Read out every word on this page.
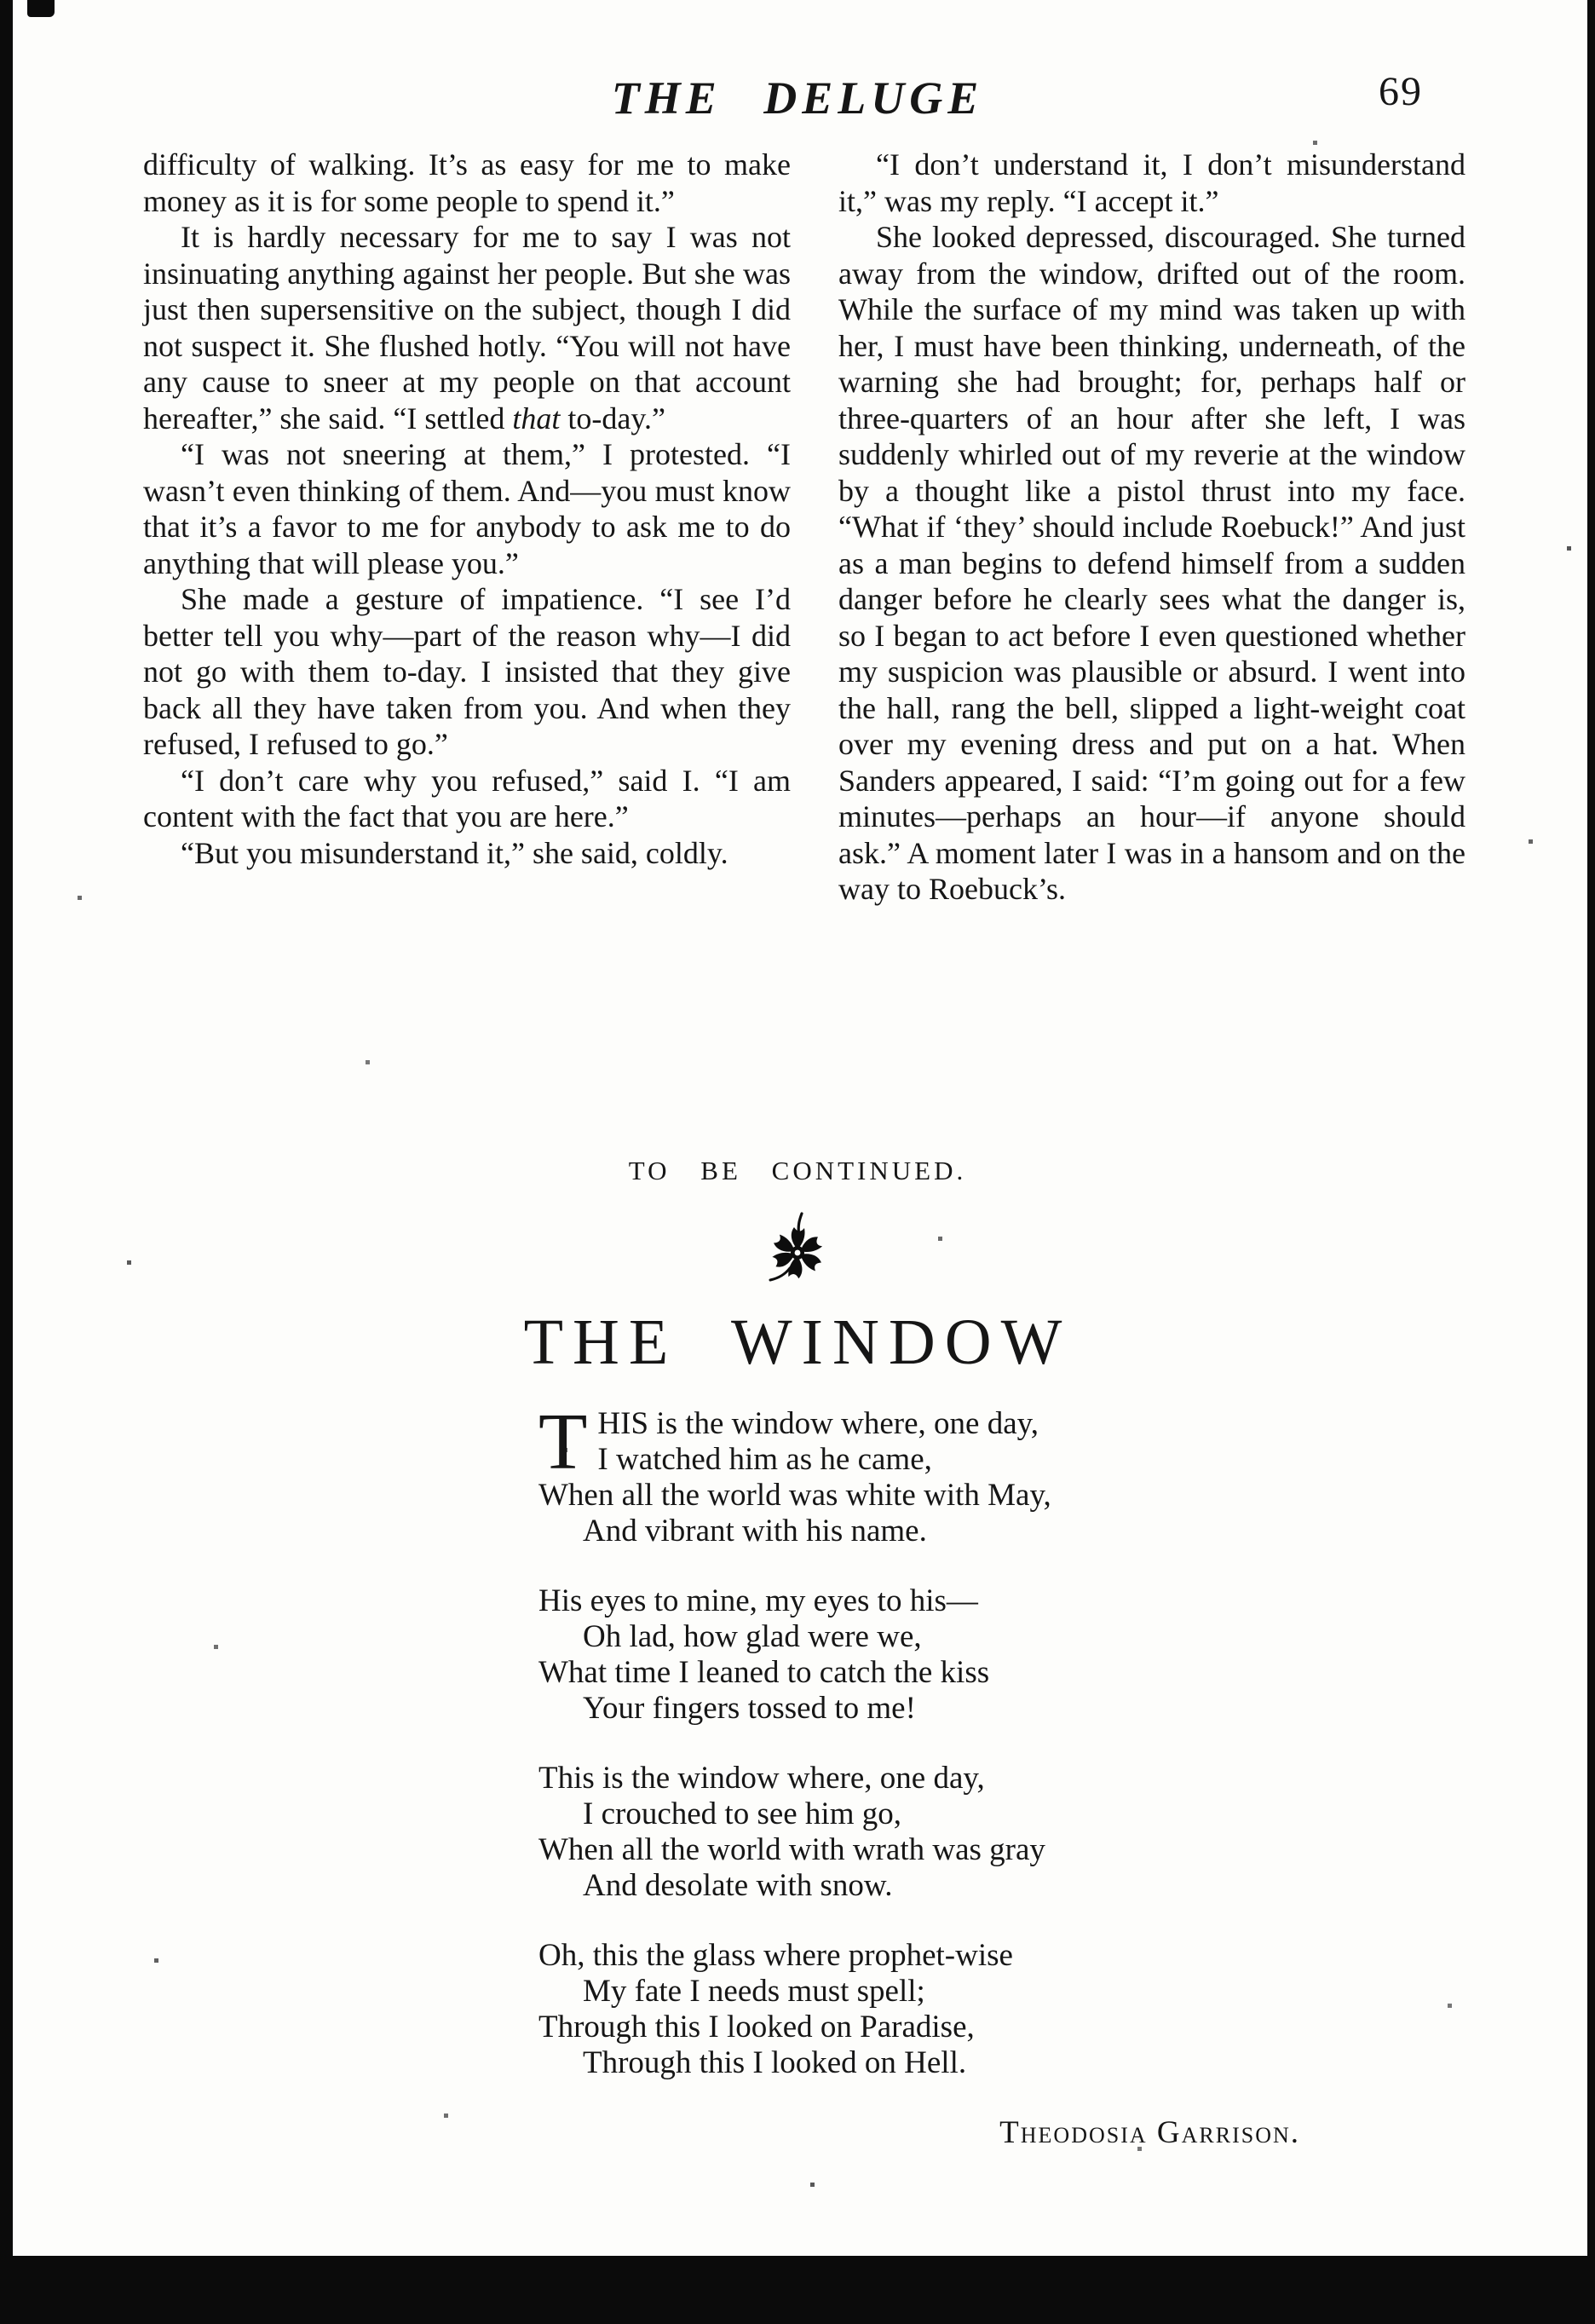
THE DELUGE	69

difficulty of walking. It’s as easy for me to make money as it is for some people to spend it.”

It is hardly necessary for me to say I was not insinuating anything against her people. But she was just then supersensitive on the subject, though I did not suspect it. She flushed hotly. “You will not have any cause to sneer at my people on that account hereafter,” she said. “I settled that to-day.”

“I was not sneering at them,” I protested. “I wasn’t even thinking of them. And—you must know that it’s a favor to me for anybody to ask me to do anything that will please you.”

She made a gesture of impatience. “I see I’d better tell you why—part of the reason why—I did not go with them to-day. I insisted that they give back all they have taken from you. And when they refused, I refused to go.”

“I don’t care why you refused,” said I. “I am content with the fact that you are here.”

“But you misunderstand it,” she said, coldly.

“I don’t understand it, I don’t misunderstand it,” was my reply. “I accept it.”

She looked depressed, discouraged. She turned away from the window, drifted out of the room. While the surface of my mind was taken up with her, I must have been thinking, underneath, of the warning she had brought; for, perhaps half or three-quarters of an hour after she left, I was suddenly whirled out of my reverie at the window by a thought like a pistol thrust into my face. “What if ‘they’ should include Roebuck!” And just as a man begins to defend himself from a sudden danger before he clearly sees what the danger is, so I began to act before I even questioned whether my suspicion was plausible or absurd. I went into the hall, rang the bell, slipped a light-weight coat over my evening dress and put on a hat. When Sanders appeared, I said: “I’m going out for a few minutes—perhaps an hour—if anyone should ask.” A moment later I was in a hansom and on the way to Roebuck’s.

TO BE CONTINUED.
THE WINDOW
T HIS is the window where, one day,
I watched him as he came,
When all the world was white with May,
And vibrant with his name.
His eyes to mine, my eyes to his—
Oh lad, how glad were we,
What time I leaned to catch the kiss
Your fingers tossed to me!
This is the window where, one day,
I crouched to see him go,
When all the world with wrath was gray
And desolate with snow.
Oh, this the glass where prophet-wise
My fate I needs must spell;
Through this I looked on Paradise,
Through this I looked on Hell.
Theodosia Garrison.
